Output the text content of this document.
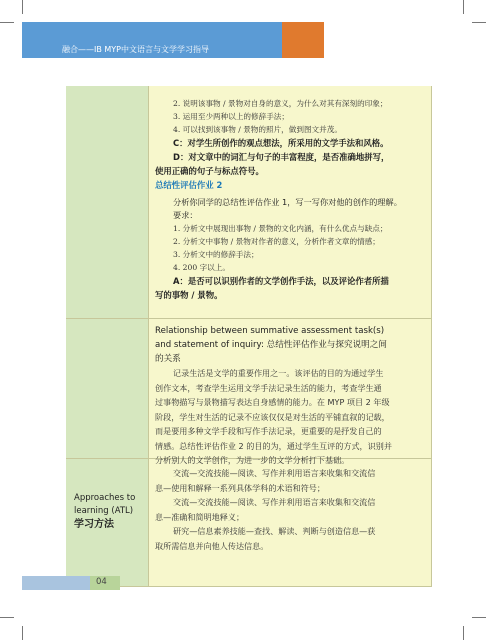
融合——IB MYP中文语言与文学学习指导
2. 说明该事物 / 景物对自身的意义，为什么对其有深刻的印象；
3. 运用至少两种以上的修辞手法；
4. 可以找到该事物 / 景物的照片，做到图文并茂。
C：对学生所创作的观点想法，所采用的文学手法和风格。
D：对文章中的词汇与句子的丰富程度，是否准确地拼写，
使用正确的句子与标点符号。
总结性评估作业 2
分析你同学的总结性评估作业 1，写一写你对他的创作的理解。
要求：
1. 分析文中展现出事物 / 景物的文化内涵，有什么优点与缺点；
2. 分析文中事物 / 景物对作者的意义，分析作者文章的情感；
3. 分析文中的修辞手法；
4. 200 字以上。
A：是否可以识别作者的文学创作手法，以及评论作者所描
写的事物 / 景物。
Relationship between summative assessment task(s)
and statement of inquiry: 总结性评估作业与探究说明之间
的关系
记录生活是文学的重要作用之一。该评估的目的为通过学生
创作文本，考查学生运用文学手法记录生活的能力，考查学生通
过事物描写与景物描写表达自身感情的能力。在 MYP 项目 2 年级
阶段，学生对生活的记录不应该仅仅是对生活的平铺直叙的记载，
而是要用多种文学手段和写作手法记录，更重要的是抒发自己的
情感。总结性评估作业 2 的目的为，通过学生互评的方式，识别并
分析别人的文学创作，为进一步的文学分析打下基础。
Approaches to
learning (ATL)
学习方法
交流—交流技能—阅读、写作并利用语言来收集和交流信
息—使用和解释一系列具体学科的术语和符号；
交流—交流技能—阅读、写作并利用语言来收集和交流信
息—准确和简明地释义；
研究—信息素养技能—查找、解读、判断与创造信息—获
取所需信息并向他人传达信息。
04
